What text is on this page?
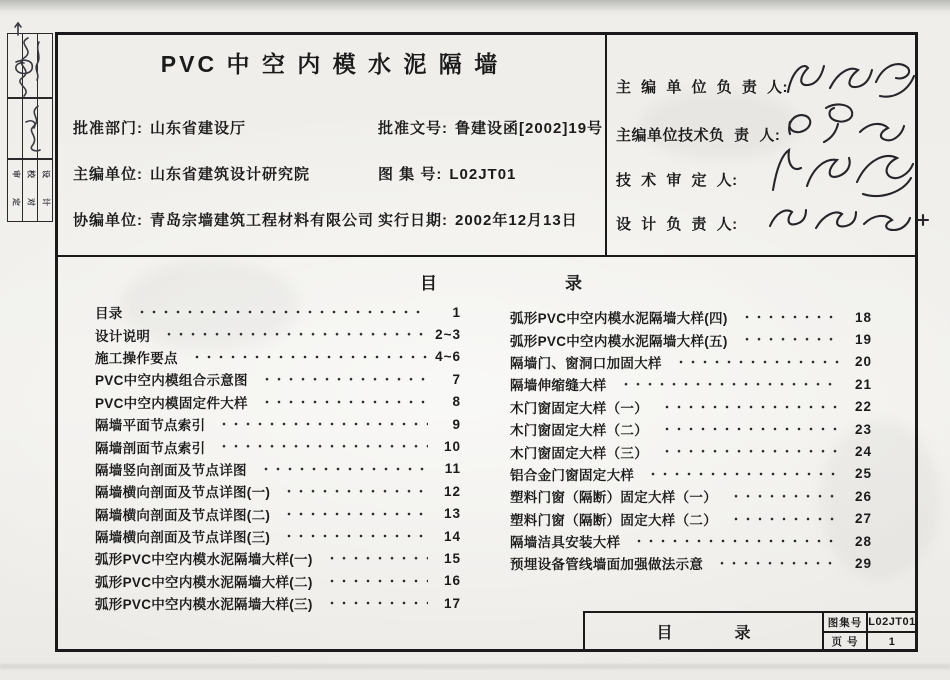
审
定
校
对
设
计
PVC 中 空 内 模 水 泥 隔 墙
批准部门: 山东省建设厅	批准文号: 鲁建设函[2002]19号
主编单位: 山东省建筑设计研究院	图 集 号: L02JT01
协编单位: 青岛宗墙建筑工程材料有限公司 实行日期: 2002年12月13日
主 编 单 位 负 责 人:
主编单位技术负 责 人:
技 术 审 定 人:
设 计 负 责 人:
目	录
目录	1
设计说明	2~3
施工操作要点	4~6
PVC中空内模组合示意图	7
PVC中空内模固定件大样	8
隔墙平面节点索引	9
隔墙剖面节点索引	10
隔墙竖向剖面及节点详图	11
隔墙横向剖面及节点详图(一)	12
隔墙横向剖面及节点详图(二)	13
隔墙横向剖面及节点详图(三)	14
弧形PVC中空内模水泥隔墙大样(一)	15
弧形PVC中空内模水泥隔墙大样(二)	16
弧形PVC中空内模水泥隔墙大样(三)	17
弧形PVC中空内模水泥隔墙大样(四)	18
弧形PVC中空内模水泥隔墙大样(五)	19
隔墙门、窗洞口加固大样	20
隔墙伸缩缝大样	21
木门窗固定大样（一）	22
木门窗固定大样（二）	23
木门窗固定大样（三）	24
铝合金门窗固定大样	25
塑料门窗（隔断）固定大样（一）	26
塑料门窗（隔断）固定大样（二）	27
隔墙洁具安装大样	28
预埋设备管线墙面加强做法示意	29
目	录
图集号 L02JT01
页 号	1
